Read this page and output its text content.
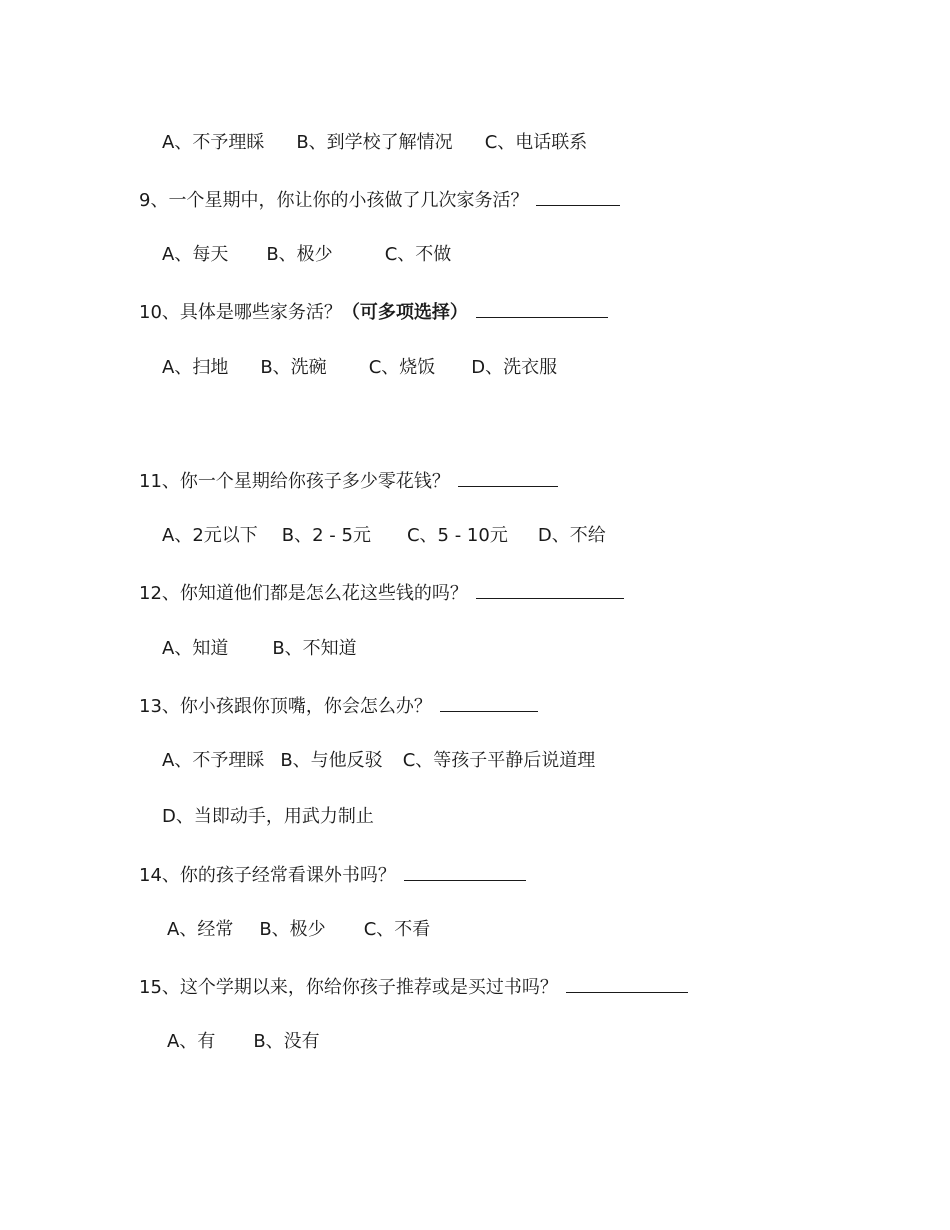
A、不予理睬 B、到学校了解情况 C、电话联系
9、一个星期中，你让你的小孩做了几次家务活？
A、每天 B、极少	C、不做
10、具体是哪些家务活？（可多项选择）
A、扫地 B、洗碗 C、烧饭 D、洗衣服
11、你一个星期给你孩子多少零花钱？
A、2元以下 B、2 - 5元 C、5 - 10元 D、不给
12、你知道他们都是怎么花这些钱的吗？
A、知道 B、不知道
13、你小孩跟你顶嘴，你会怎么办？
A、不予理睬 B、与他反驳 C、等孩子平静后说道理
D、当即动手，用武力制止
14、你的孩子经常看课外书吗？
A、经常 B、极少 C、不看
15、这个学期以来，你给你孩子推荐或是买过书吗？
A、有 B、没有
